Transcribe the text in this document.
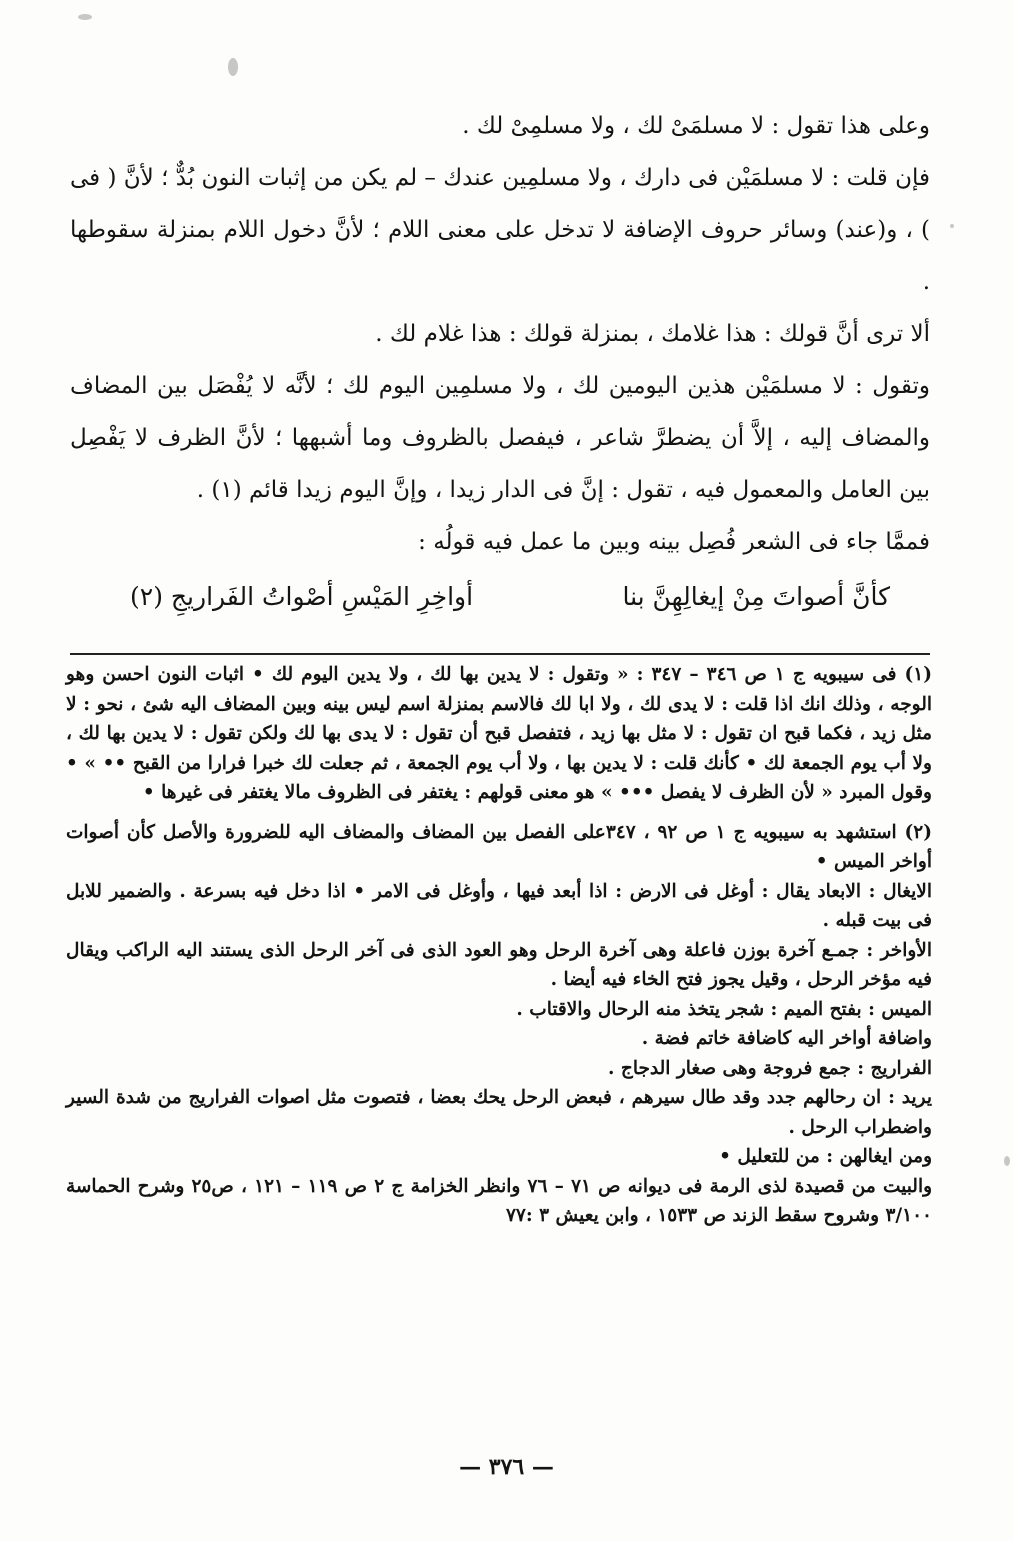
وعلى هذا تقول : لا مسلمَىْ لك ، ولا مسلمِىْ لك .

فإن قلت : لا مسلمَيْن فى دارك ، ولا مسلمِين عندك – لم يكن من إثبات النون بُدٌّ ؛ لأنَّ ( فى ) ، و(عند) وسائر حروف الإضافة لا تدخل على معنى اللام ؛ لأنَّ دخول اللام بمنزلة سقوطها .

ألا ترى أنَّ قولك : هذا غلامك ، بمنزلة قولك : هذا غلام لك .

وتقول : لا مسلمَيْن هذين اليومين لك ، ولا مسلمِين اليوم لك ؛ لأنَّه لا يُفْصَل بين المضاف والمضاف إليه ، إلاَّ أن يضطرَّ شاعر ، فيفصل بالظروف وما أشبهها ؛ لأنَّ الظرف لا يَفْصِل بين العامل والمعمول فيه ، تقول : إنَّ فى الدار زيدا ، وإنَّ اليوم زيدا قائم (١) .

فممَّا جاء فى الشعر فُصِل بينه وبين ما عمل فيه قولُه :

كأنَّ أصواتَ مِنْ إيغالِهِنَّ بنا
أواخِرِ المَيْسِ أصْواتُ الفَراريجِ (٢)

(١) فى سيبويه ج ١ ص ٣٤٦ – ٣٤٧ : « وتقول : لا يدين بها لك ، ولا يدين اليوم لك • اثبات النون احسن وهو الوجه ، وذلك انك اذا قلت : لا يدى لك ، ولا ابا لك فالاسم بمنزلة اسم ليس بينه وبين المضاف اليه شئ ، نحو : لا مثل زيد ، فكما قبح ان تقول : لا مثل بها زيد ، فتفصل قبح أن تقول : لا يدى بها لك ولكن تقول : لا يدين بها لك ، ولا أب يوم الجمعة لك • كأنك قلت : لا يدين بها ، ولا أب يوم الجمعة ، ثم جعلت لك خبرا فرارا من القبح •• » • وقول المبرد « لأن الظرف لا يفصل ••• » هو معنى قولهم : يغتفر فى الظروف مالا يغتفر فى غيرها •

(٢) استشهد به سيبويه ج ١ ص ٩٢ ، ٣٤٧على الفصل بين المضاف والمضاف اليه للضرورة والأصل كأن أصوات أواخر الميس •

الايغال : الابعاد يقال : أوغل فى الارض : اذا أبعد فيها ، وأوغل فى الامر • اذا دخل فيه بسرعة . والضمير للابل فى بيت قبله .

الأواخر : جمـع آخرة بوزن فاعلة وهى آخرة الرحل وهو العود الذى فى آخر الرحل الذى يستند اليه الراكب ويقال فيه مؤخر الرحل ، وقيل يجوز فتح الخاء فيه أيضا .

الميس : بفتح الميم : شجر يتخذ منه الرحال والاقتاب .

واضافة أواخر اليه كاضافة خاتم فضة .

الفراريج : جمع فروجة وهى صغار الدجاج .

يريد : ان رحالهم جدد وقد طال سيرهم ، فبعض الرحل يحك بعضا ، فتصوت مثل اصوات الفراريج من شدة السير واضطراب الرحل .

ومن ايغالهن : من للتعليل •

والبيت من قصيدة لذى الرمة فى ديوانه ص ٧١ – ٧٦ وانظر الخزامة ج ٢ ص ١١٩ – ١٢١ ، ص٢٥ وشرح الحماسة ٣/١٠٠ وشروح سقط الزند ص ١٥٣٣ ، وابن يعيش ٣ :٧٧

— ٣٧٦ —
